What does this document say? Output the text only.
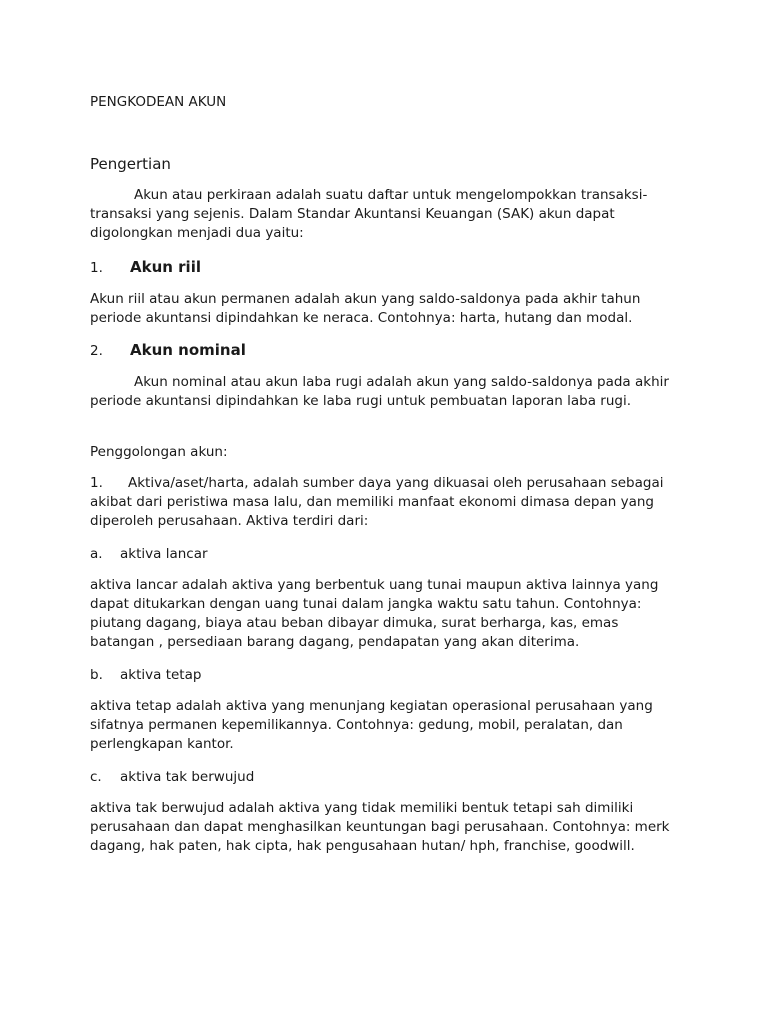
PENGKODEAN AKUN
Pengertian

Akun atau perkiraan adalah suatu daftar untuk mengelompokkan transaksi-transaksi yang sejenis. Dalam Standar Akuntansi Keuangan (SAK) akun dapat digolongkan menjadi dua yaitu:

1. Akun riil

Akun riil atau akun permanen adalah akun yang saldo-saldonya pada akhir tahun periode akuntansi dipindahkan ke neraca. Contohnya: harta, hutang dan modal.

2. Akun nominal

Akun nominal atau akun laba rugi adalah akun yang saldo-saldonya pada akhir periode akuntansi dipindahkan ke laba rugi untuk pembuatan laporan laba rugi.

Penggolongan akun:

1. Aktiva/aset/harta, adalah sumber daya yang dikuasai oleh perusahaan sebagai akibat dari peristiwa masa lalu, dan memiliki manfaat ekonomi dimasa depan yang diperoleh perusahaan. Aktiva terdiri dari:

a. aktiva lancar

aktiva lancar adalah aktiva yang berbentuk uang tunai maupun aktiva lainnya yang dapat ditukarkan dengan uang tunai dalam jangka waktu satu tahun. Contohnya: piutang dagang, biaya atau beban dibayar dimuka, surat berharga, kas, emas batangan , persediaan barang dagang, pendapatan yang akan diterima.

b. aktiva tetap

aktiva tetap adalah aktiva yang menunjang kegiatan operasional perusahaan yang sifatnya permanen kepemilikannya. Contohnya: gedung, mobil, peralatan, dan perlengkapan kantor.

c. aktiva tak berwujud

aktiva tak berwujud adalah aktiva yang tidak memiliki bentuk tetapi sah dimiliki perusahaan dan dapat menghasilkan keuntungan bagi perusahaan. Contohnya: merk dagang, hak paten, hak cipta, hak pengusahaan hutan/ hph, franchise, goodwill.
